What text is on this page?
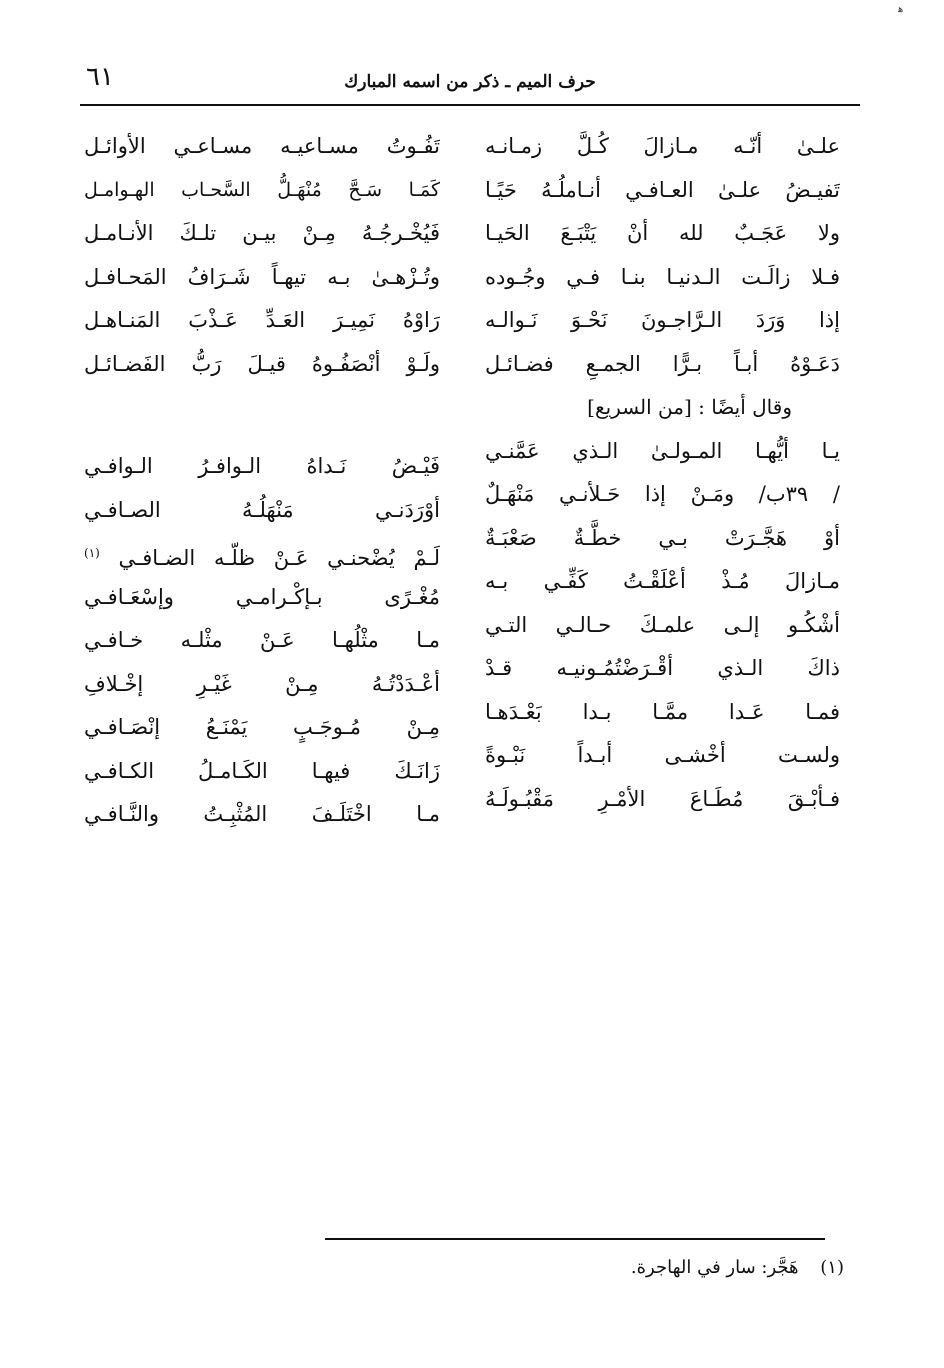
ﻫ
٦١	حرف الميم ـ ذكر من اسمه المبارك
علـىٰ أنّـه مـازالَ كُـلَّ زمـانـه
تَفيـضُ علـىٰ العـافـي أنـاملُـهُ حَيًـا
ولا عَجَـبٌ لله أنْ يَتْبَـعَ الحَيـا
فـلا زالَـت الـدنيـا بنـا فـي وجُـوده
إذا وَرَدَ الـرَّاجـونَ نَحْـوَ نَـوالـه
دَعَـوْهُ أبـاً بـرًّا الجمـعِ فضـائـل
وقال أيضًا : [من السريع]
يـا أيُّهـا المـولـىٰ الـذي عَمَّنـي
/ ٣٩ب/ ومَـنْ إذا حَـلأنـي مَنْهَـلٌ
أوْ هَجَّـرَتْ بـي خطَّـةٌ صَعْبَـةٌ
مـازالَ مُـذْ أعْلَقْـتُ كَفِّـي بـه
أشْكُـو إلـى علمـكَ حـالـي التـي
ذاكَ الـذي أقْـرَضْتُمُـونيـه قـدْ
فمـا عَـدا ممَّـا بـدا بَعْـدَهـا
ولسـت أخْشـى أبـداً نَبْـوةً
فـأبْـقَ مُطَـاعَ الأمْـرِ مَقْبُـولَـهُ
تَفُـوتُ مسـاعيـه مسـاعـي الأوائـل
كَمَـا سَـحَّ مُنْهَـلُّ السَّحـاب الهـوامـل
فَيُخْـرجُـهُ مِـنْ بيـن تلـكَ الأنـامـل
وتُـزْهـىٰ بـه تيهـاً شَـرَافُ المَحـافـل
رَاوْهُ نَمِيـرَ العَـدِّ عَـذْبَ المَنـاهـل
ولَـوْ أنْصَفُـوهُ قيـلَ رَبُّ الفَضـائـل
فَيْـضُ نَـداهُ الـوافـرُ الـوافـي
أوْرَدَنـي مَنْهَلُـهُ الصـافـي
لَـمْ يُضْحنـي عَـنْ ظلّـه الضـافـي $^{(١)}$
مُغْـرًى بـإكْـرامـي وإسْعَـافـي
مـا مثْلُهـا عَـنْ مثْلـه خـافـي
أعْـدَدْتُـهُ مِـنْ غَيْـرِ إخْـلافِ
مِـنْ مُـوجَـبٍ يَمْنَـعُ إنْصَـافـي
زَانَـكَ فيهـا الكَـامـلُ الكـافـي
مـا اخْتَلَـفَ المُثْبِـتُ والنَّـافـي
(١) هَجَّر: سار في الهاجرة.
